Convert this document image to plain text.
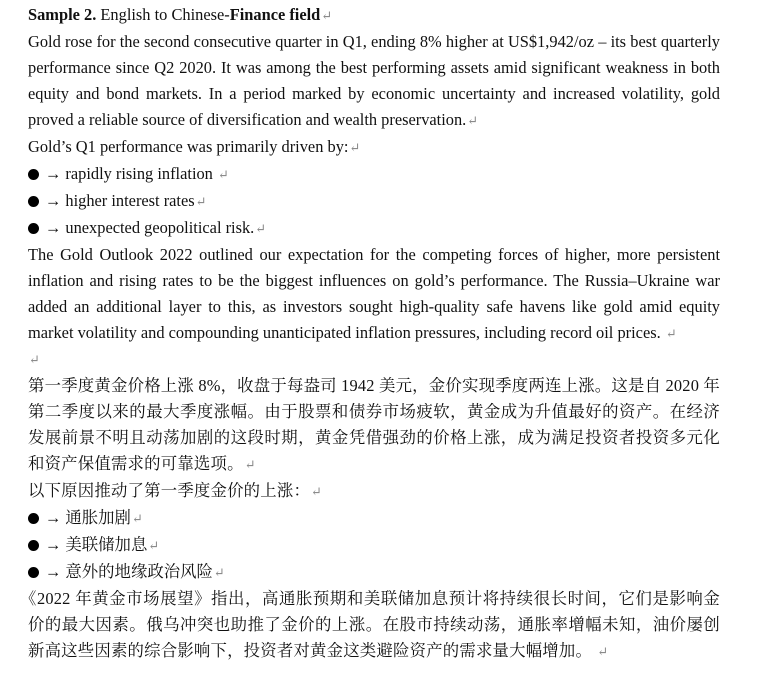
Sample 2. English to Chinese-Finance field↵

Gold rose for the second consecutive quarter in Q1, ending 8% higher at US$1,942/oz – its best quarterly performance since Q2 2020. It was among the best performing assets amid significant weakness in both equity and bond markets. In a period marked by economic uncertainty and increased volatility, gold proved a reliable source of diversification and wealth preservation.↵

Gold’s Q1 performance was primarily driven by:↵

→ rapidly rising inflation ↵

→ higher interest rates↵

→ unexpected geopolitical risk.↵

The Gold Outlook 2022 outlined our expectation for the competing forces of higher, more persistent inflation and rising rates to be the biggest influences on gold’s performance. The Russia–Ukraine war added an additional layer to this, as investors sought high-quality safe havens like gold amid equity market volatility and compounding unanticipated inflation pressures, including record oil prices. ↵

↵

第一季度黄金价格上涨 8%，收盘于每盎司 1942 美元，金价实现季度两连上涨。这是自 2020 年第二季度以来的最大季度涨幅。由于股票和债券市场疲软，黄金成为升值最好的资产。在经济发展前景不明且动荡加剧的这段时期，黄金凭借强劲的价格上涨，成为满足投资者投资多元化和资产保值需求的可靠选项。↵

以下原因推动了第一季度金价的上涨：↵

→ 通胀加剧↵

→ 美联储加息↵

→ 意外的地缘政治风险↵

《2022 年黄金市场展望》指出，高通胀预期和美联储加息预计将持续很长时间，它们是影响金价的最大因素。俄乌冲突也助推了金价的上涨。在股市持续动荡，通胀率增幅未知，油价屡创新高这些因素的综合影响下，投资者对黄金这类避险资产的需求量大幅增加。 ↵
